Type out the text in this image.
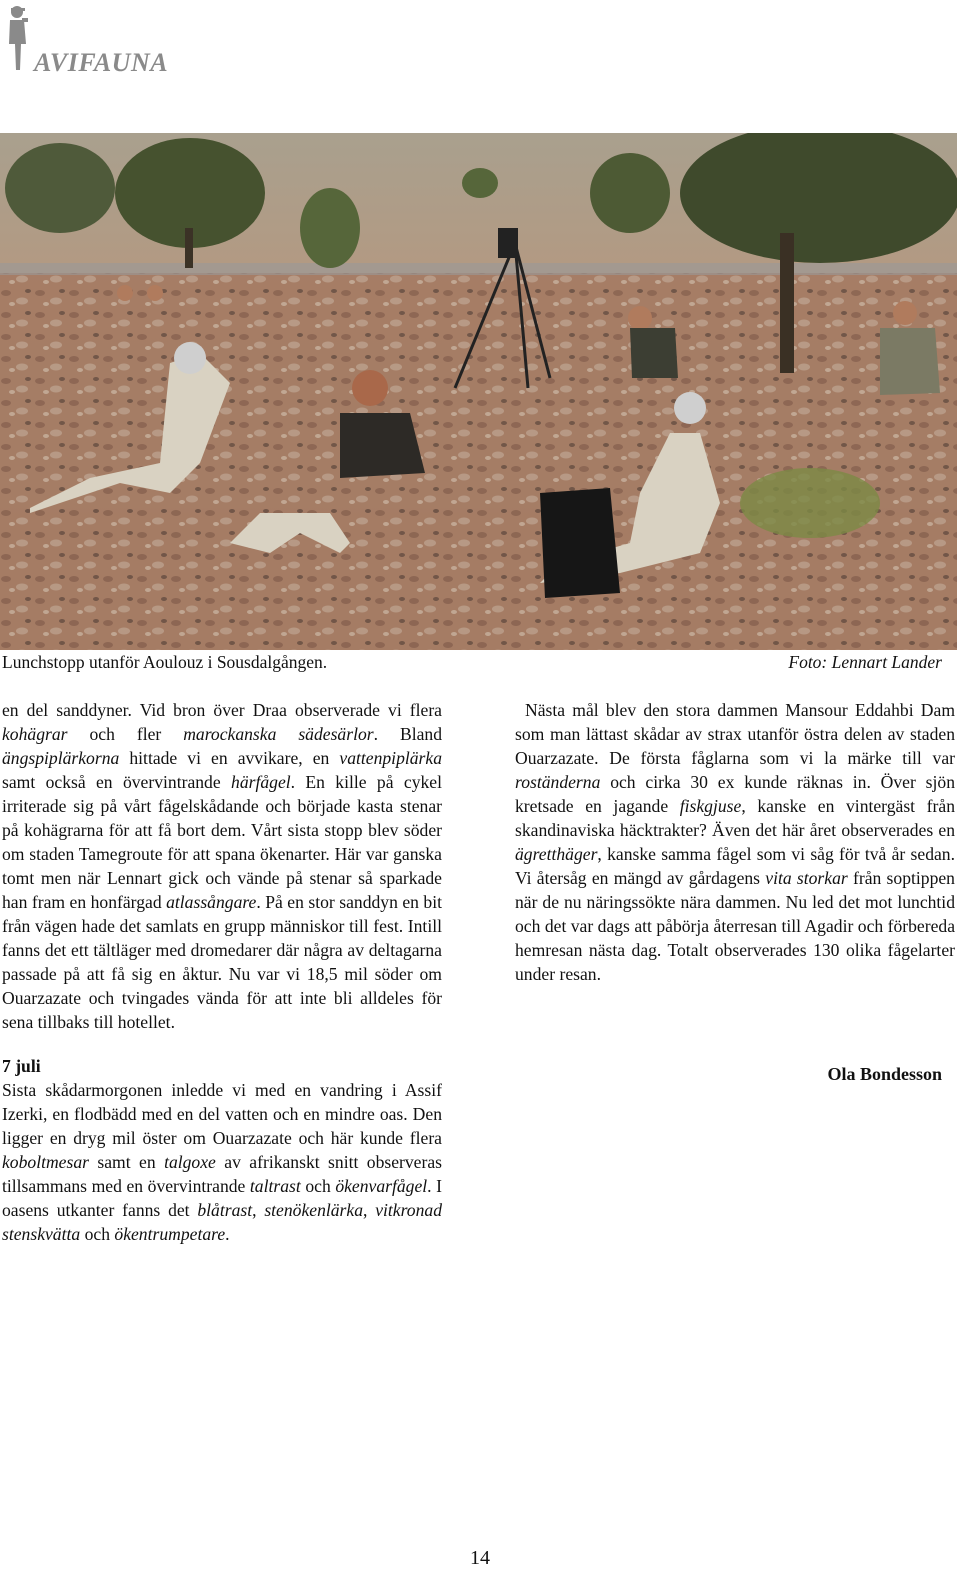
AVIFAUNA
Lunchstopp utanför Aoulouz i Sousdalgången.	Foto: Lennart Lander

en del sanddyner. Vid bron över Draa observerade vi flera kohägrar och fler marockanska sädesärlor. Bland ängspiplärkorna hittade vi en avvikare, en vattenpiplärka samt också en övervintrande härfågel. En kille på cykel irriterade sig på vårt fågelskådande och började kasta stenar på kohägrarna för att få bort dem. Vårt sista stopp blev söder om staden Tamegroute för att spana ökenarter. Här var ganska tomt men när Lennart gick och vände på stenar så sparkade han fram en honfärgad atlassångare. På en stor sanddyn en bit från vägen hade det samlats en grupp människor till fest. Intill fanns det ett tältläger med dromedarer där några av deltagarna passade på att få sig en åktur. Nu var vi 18,5 mil söder om Ouarzazate och tvingades vända för att inte bli alldeles för sena tillbaks till hotellet.

7 juli

Sista skådarmorgonen inledde vi med en vandring i Assif Izerki, en flodbädd med en del vatten och en mindre oas. Den ligger en dryg mil öster om Ouarzazate och här kunde flera koboltmesar samt en talgoxe av afrikanskt snitt observeras tillsammans med en övervintrande taltrast och ökenvarfågel. I oasens utkanter fanns det blåtrast, stenökenlärka, vitkronad stenskvätta och ökentrumpetare.

Nästa mål blev den stora dammen Mansour Eddahbi Dam som man lättast skådar av strax utanför östra delen av staden Ouarzazate. De första fåglarna som vi la märke till var roständerna och cirka 30 ex kunde räknas in. Över sjön kretsade en jagande fiskgjuse, kanske en vintergäst från skandinaviska häcktrakter? Även det här året observerades en ägretthäger, kanske samma fågel som vi såg för två år sedan. Vi återsåg en mängd av gårdagens vita storkar från soptippen när de nu näringssökte nära dammen. Nu led det mot lunchtid och det var dags att påbörja återresan till Agadir och förbereda hemresan nästa dag. Totalt observerades 130 olika fågelarter under resan.

Ola Bondesson
14
